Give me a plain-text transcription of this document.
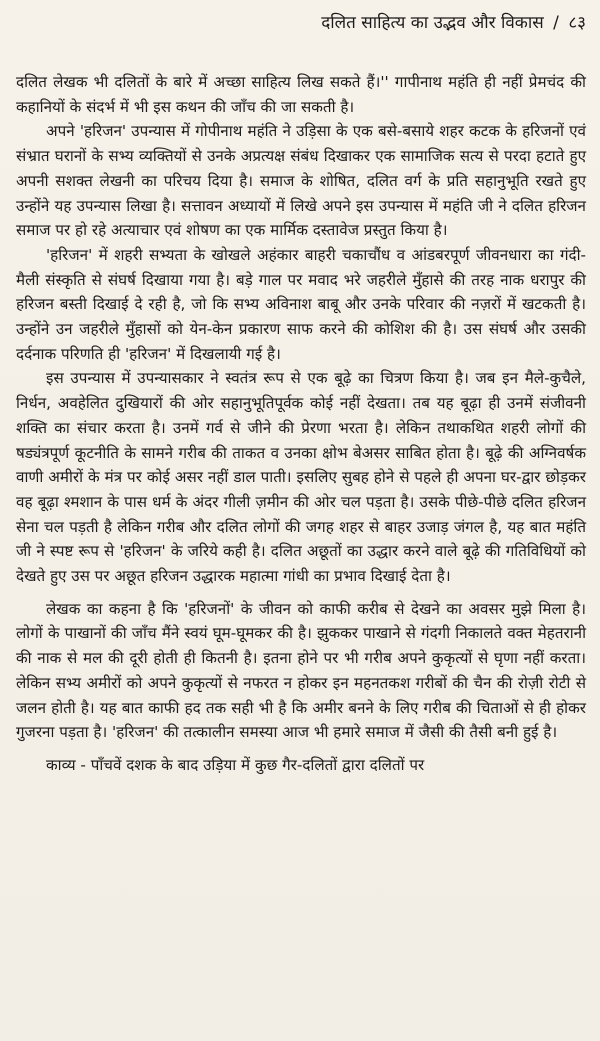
दलित साहित्य का उद्भव और विकास / ८३

दलित लेखक भी दलितों के बारे में अच्छा साहित्य लिख सकते हैं।'' गापीनाथ महंति ही नहीं प्रेमचंद की कहानियों के संदर्भ में भी इस कथन की जाँच की जा सकती है।

अपने 'हरिजन' उपन्यास में गोपीनाथ महंति ने उड़िसा के एक बसे-बसाये शहर कटक के हरिजनों एवं संभ्रात घरानों के सभ्य व्यक्तियों से उनके अप्रत्यक्ष संबंध दिखाकर एक सामाजिक सत्य से परदा हटाते हुए अपनी सशक्त लेखनी का परिचय दिया है। समाज के शोषित, दलित वर्ग के प्रति सहानुभूति रखते हुए उन्होंने यह उपन्यास लिखा है। सत्तावन अध्यायों में लिखे अपने इस उपन्यास में महंति जी ने दलित हरिजन समाज पर हो रहे अत्याचार एवं शोषण का एक मार्मिक दस्तावेज प्रस्तुत किया है।

'हरिजन' में शहरी सभ्यता के खोखले अहंकार बाहरी चकाचौंध व आंडबरपूर्ण जीवनधारा का गंदी-मैली संस्कृति से संघर्ष दिखाया गया है। बड़े गाल पर मवाद भरे जहरीले मुँहासे की तरह नाक धरापुर की हरिजन बस्ती दिखाई दे रही है, जो कि सभ्य अविनाश बाबू और उनके परिवार की नज़रों में खटकती है। उन्होंने उन जहरीले मुँहासों को येन-केन प्रकारण साफ करने की कोशिश की है। उस संघर्ष और उसकी दर्दनाक परिणति ही 'हरिजन' में दिखलायी गई है।

इस उपन्यास में उपन्यासकार ने स्वतंत्र रूप से एक बूढ़े का चित्रण किया है। जब इन मैले-कुचैले, निर्धन, अवहेलित दुखियारों की ओर सहानुभूतिपूर्वक कोई नहीं देखता। तब यह बूढ़ा ही उनमें संजीवनी शक्ति का संचार करता है। उनमें गर्व से जीने की प्रेरणा भरता है। लेकिन तथाकथित शहरी लोगों की षड्यंत्रपूर्ण कूटनीति के सामने गरीब की ताकत व उनका क्षोभ बेअसर साबित होता है। बूढ़े की अग्निवर्षक वाणी अमीरों के मंत्र पर कोई असर नहीं डाल पाती। इसलिए सुबह होने से पहले ही अपना घर-द्वार छोड़कर वह बूढ़ा श्मशान के पास धर्म के अंदर गीली ज़मीन की ओर चल पड़ता है। उसके पीछे-पीछे दलित हरिजन सेना चल पड़ती है लेकिन गरीब और दलित लोगों की जगह शहर से बाहर उजाड़ जंगल है, यह बात महंति जी ने स्पष्ट रूप से 'हरिजन' के जरिये कही है। दलित अछूतों का उद्धार करने वाले बूढ़े की गतिविधियों को देखते हुए उस पर अछूत हरिजन उद्धारक महात्मा गांधी का प्रभाव दिखाई देता है।

लेखक का कहना है कि 'हरिजनों' के जीवन को काफी करीब से देखने का अवसर मुझे मिला है। लोगों के पाखानों की जाँच मैंने स्वयं घूम-घूमकर की है। झुककर पाखाने से गंदगी निकालते वक्त मेहतरानी की नाक से मल की दूरी होती ही कितनी है। इतना होने पर भी गरीब अपने कुकृत्यों से घृणा नहीं करता। लेकिन सभ्य अमीरों को अपने कुकृत्यों से नफरत न होकर इन महनतकश गरीबों की चैन की रोज़ी रोटी से जलन होती है। यह बात काफी हद तक सही भी है कि अमीर बनने के लिए गरीब की चिताओं से ही होकर गुजरना पड़ता है। 'हरिजन' की तत्कालीन समस्या आज भी हमारे समाज में जैसी की तैसी बनी हुई है।

काव्य - पाँचवें दशक के बाद उड़िया में कुछ गैर-दलितों द्वारा दलितों पर
